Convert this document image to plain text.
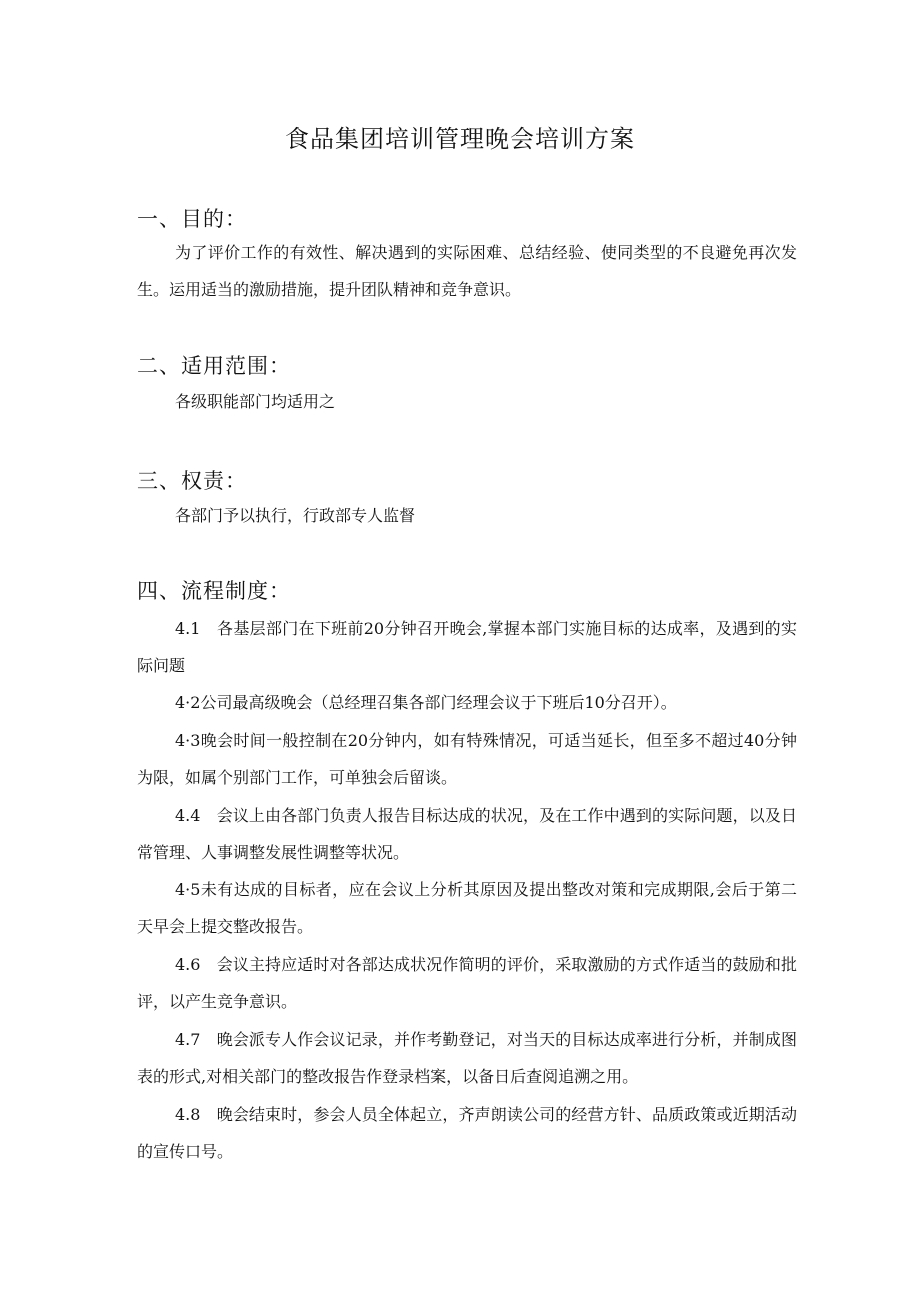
食品集团培训管理晚会培训方案
一、目的：

为了评价工作的有效性、解决遇到的实际困难、总结经验、使同类型的不良避免再次发生。运用适当的激励措施，提升团队精神和竞争意识。

二、适用范围：

各级职能部门均适用之

三、权责：

各部门予以执行，行政部专人监督

四、流程制度：

4.1　各基层部门在下班前20分钟召开晚会,掌握本部门实施目标的达成率，及遇到的实际问题

4·2公司最高级晚会（总经理召集各部门经理会议于下班后10分召开）。

4·3晚会时间一般控制在20分钟内，如有特殊情况，可适当延长，但至多不超过40分钟为限，如属个别部门工作，可单独会后留谈。

4.4　会议上由各部门负责人报告目标达成的状况，及在工作中遇到的实际问题，以及日常管理、人事调整发展性调整等状况。

4·5未有达成的目标者，应在会议上分析其原因及提出整改对策和完成期限,会后于第二天早会上提交整改报告。

4.6　会议主持应适时对各部达成状况作简明的评价，采取激励的方式作适当的鼓励和批评，以产生竞争意识。

4.7　晚会派专人作会议记录，并作考勤登记，对当天的目标达成率进行分析，并制成图表的形式,对相关部门的整改报告作登录档案，以备日后查阅追溯之用。

4.8　晚会结束时，参会人员全体起立，齐声朗读公司的经营方针、品质政策或近期活动的宣传口号。
